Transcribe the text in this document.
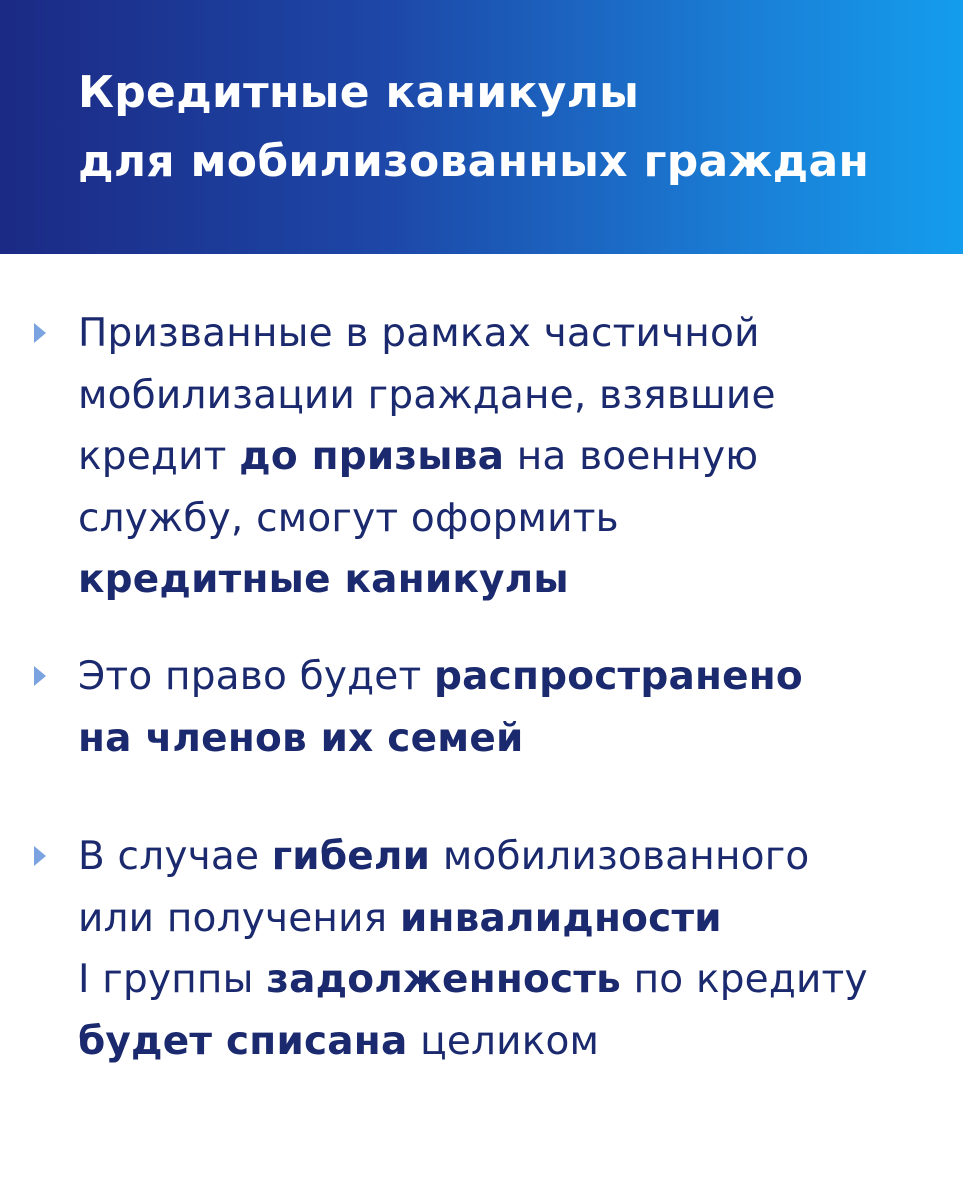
Кредитные каникулы
для мобилизованных граждан
Призванные в рамках частичной
мобилизации граждане, взявшие
кредит до призыва на военную
службу, смогут оформить
кредитные каникулы
Это право будет распространено
на членов их семей
В случае гибели мобилизованного
или получения инвалидности
I группы задолженность по кредиту
будет списана целиком
